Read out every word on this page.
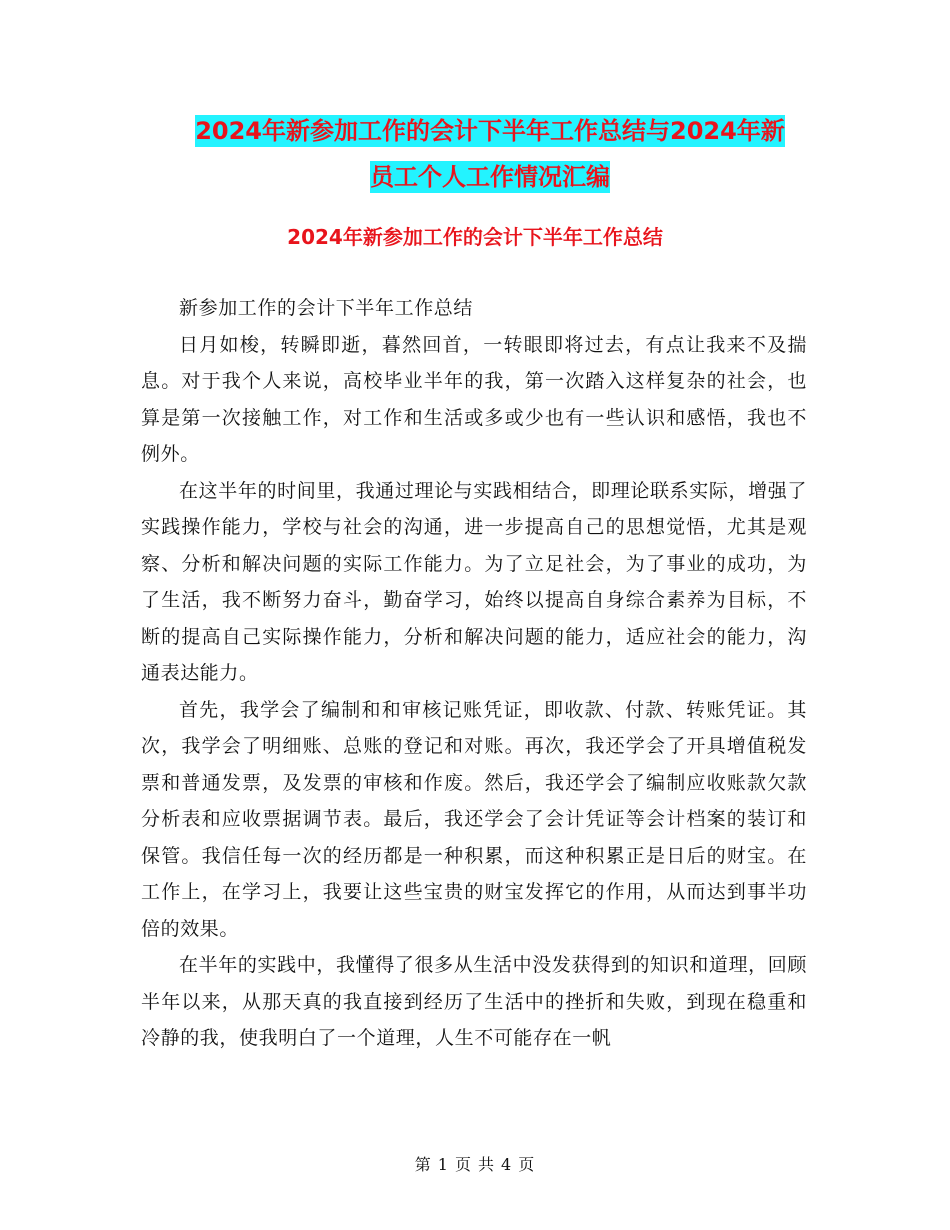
2024年新参加工作的会计下半年工作总结与2024年新
员工个人工作情况汇编
2024年新参加工作的会计下半年工作总结

新参加工作的会计下半年工作总结

日月如梭，转瞬即逝，暮然回首，一转眼即将过去，有点让我来不及揣息。对于我个人来说，高校毕业半年的我，第一次踏入这样复杂的社会，也算是第一次接触工作，对工作和生活或多或少也有一些认识和感悟，我也不例外。

在这半年的时间里，我通过理论与实践相结合，即理论联系实际，增强了实践操作能力，学校与社会的沟通，进一步提高自己的思想觉悟，尤其是观察、分析和解决问题的实际工作能力。为了立足社会，为了事业的成功，为了生活，我不断努力奋斗，勤奋学习，始终以提高自身综合素养为目标，不断的提高自己实际操作能力，分析和解决问题的能力，适应社会的能力，沟通表达能力。

首先，我学会了编制和和审核记账凭证，即收款、付款、转账凭证。其次，我学会了明细账、总账的登记和对账。再次，我还学会了开具增值税发票和普通发票，及发票的审核和作废。然后，我还学会了编制应收账款欠款分析表和应收票据调节表。最后，我还学会了会计凭证等会计档案的装订和保管。我信任每一次的经历都是一种积累，而这种积累正是日后的财宝。在工作上，在学习上，我要让这些宝贵的财宝发挥它的作用，从而达到事半功倍的效果。

在半年的实践中，我懂得了很多从生活中没发获得到的知识和道理，回顾半年以来，从那天真的我直接到经历了生活中的挫折和失败，到现在稳重和冷静的我，使我明白了一个道理，人生不可能存在一帆

第 1 页 共 4 页
